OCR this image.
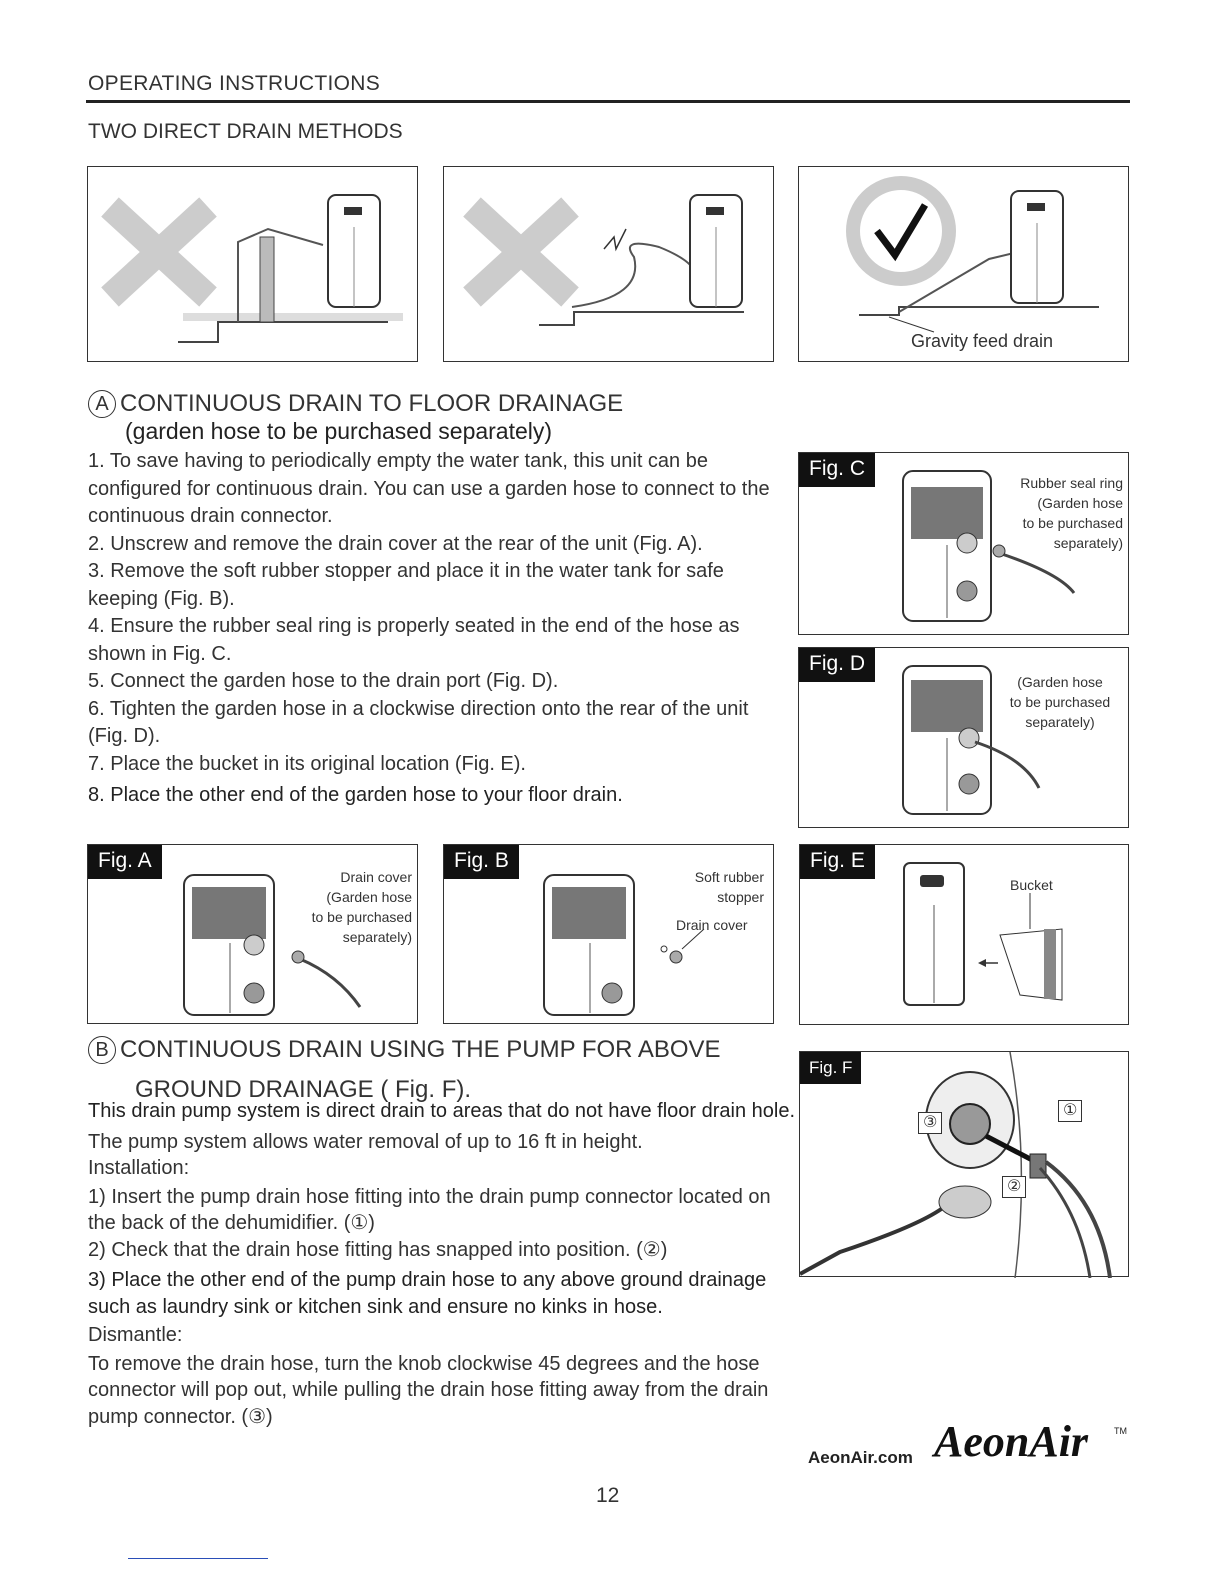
OPERATING INSTRUCTIONS
TWO DIRECT DRAIN METHODS
Gravity feed drain
A CONTINUOUS DRAIN TO FLOOR DRAINAGE
(garden hose to be purchased separately)

1. To save having to periodically empty the water tank, this unit can be configured for continuous drain. You can use a garden hose to connect to the continuous drain connector.

2. Unscrew and remove the drain cover at the rear of the unit (Fig. A).

3. Remove the soft rubber stopper and place it in the water tank for safe keeping (Fig. B).

4. Ensure the rubber seal ring is properly seated in the end of the hose as shown in Fig. C.

5. Connect the garden hose to the drain port (Fig. D).

6. Tighten the garden hose in a clockwise direction onto the rear of the unit (Fig. D).

7. Place the bucket in its original location (Fig. E).

8. Place the other end of the garden hose to your floor drain.

Fig. C
Rubber seal ring
(Garden hose
to be purchased
separately)
Fig. D
(Garden hose
to be purchased
separately)
Fig. A
Drain cover
(Garden hose
to be purchased
separately)
Fig. B
Soft rubber
stopper
Drain cover
Fig. E
Bucket
B CONTINUOUS DRAIN USING THE PUMP FOR ABOVE
GROUND DRAINAGE ( Fig. F).

This drain pump system is direct drain to areas that do not have floor drain hole.

The pump system allows water removal of up to 16 ft in height.

Installation:

1) Insert the pump drain hose fitting into the drain pump connector located on the back of the dehumidifier. (①)

2) Check that the drain hose fitting has snapped into position. (②)

3) Place the other end of the pump drain hose to any above ground drainage such as laundry sink or kitchen sink and ensure no kinks in hose.

Dismantle:

To remove the drain hose, turn the knob clockwise 45 degrees and the hose connector will pop out, while pulling the drain hose fitting away from the drain pump connector. (③)

Fig. F
③
①
②
12
AeonAir.com AeonAir	TM
